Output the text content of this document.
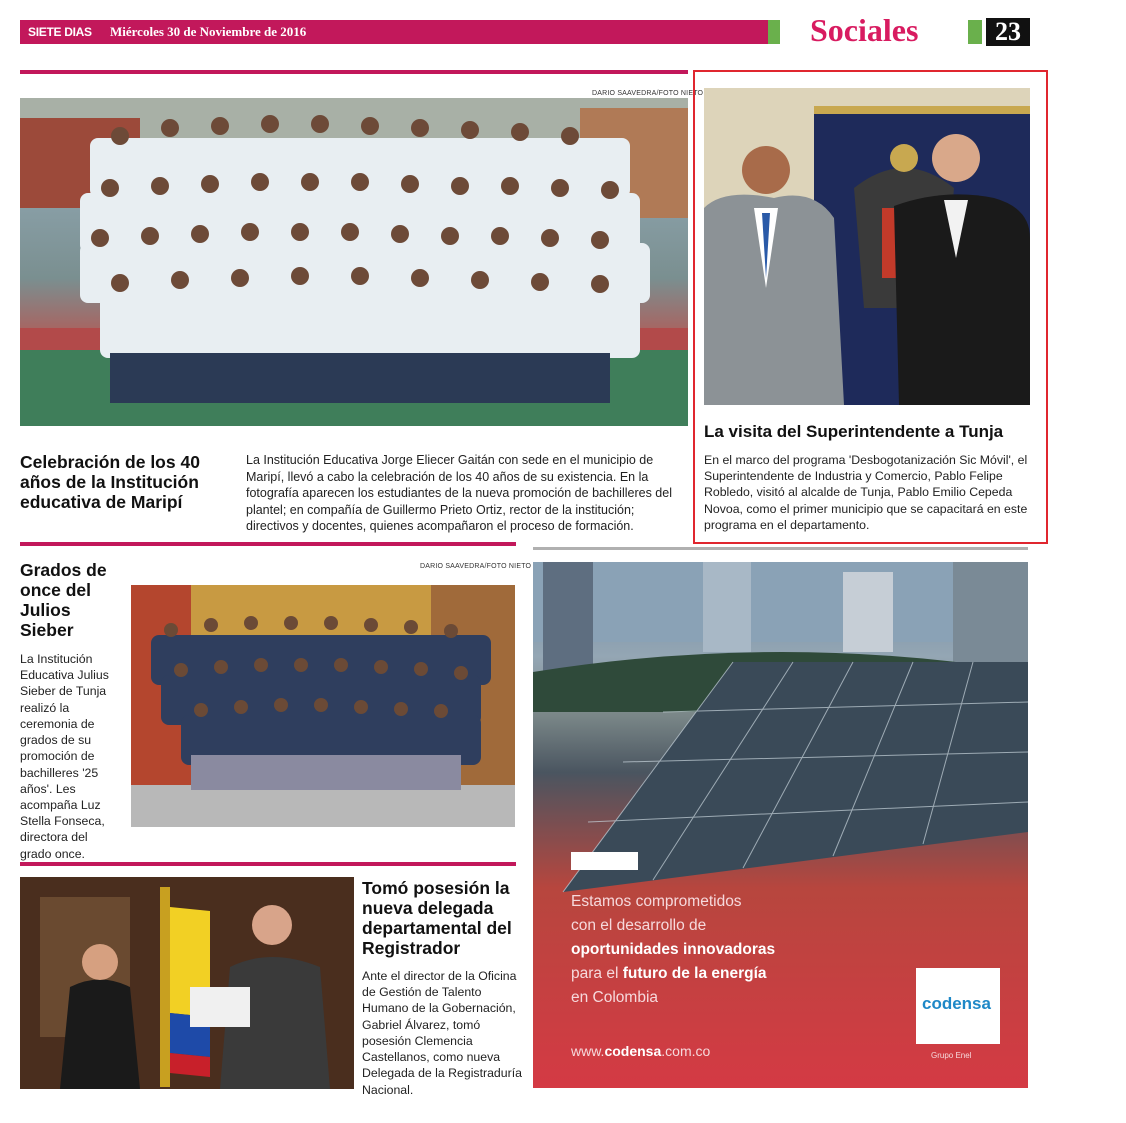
SIETE DIAS Miércoles 30 de Noviembre de 2016	Sociales	23
DARIO SAAVEDRA/FOTO NIETO
Celebración de los 40 años de la Institución educativa de Maripí
La Institución Educativa Jorge Eliecer Gaitán con sede en el municipio de Maripí, llevó a cabo la celebración de los 40 años de su existencia. En la fotografía aparecen los estudiantes de la nueva promoción de bachilleres del plantel; en compañía de Guillermo Prieto Ortiz, rector de la institución; directivos y docentes, quienes acompañaron el proceso de formación.
La visita del Superintendente a Tunja
En el marco del programa 'Desbogotanización Sic Móvil', el Superintendente de Industria y Comercio, Pablo Felipe Robledo, visitó al alcalde de Tunja, Pablo Emilio Cepeda Novoa, como el primer municipio que se capacitará en este programa en el departamento.
Grados de once del Julios Sieber
La Institución Educativa Julius Sieber de Tunja realizó la ceremonia de grados de su promoción de bachilleres '25 años'. Les acompaña Luz Stella Fonseca, directora del grado once.
DARIO SAAVEDRA/FOTO NIETO
Tomó posesión la nueva delegada departamental del Registrador
Ante el director de la Oficina de Gestión de Talento Humano de la Gobernación, Gabriel Álvarez, tomó posesión Clemencia Castellanos, como nueva Delegada de la Registraduría Nacional.
Estamos comprometidos
con el desarrollo de
oportunidades innovadoras
para el futuro de la energía
en Colombia
www.codensa.com.co
codensa
Grupo Enel
